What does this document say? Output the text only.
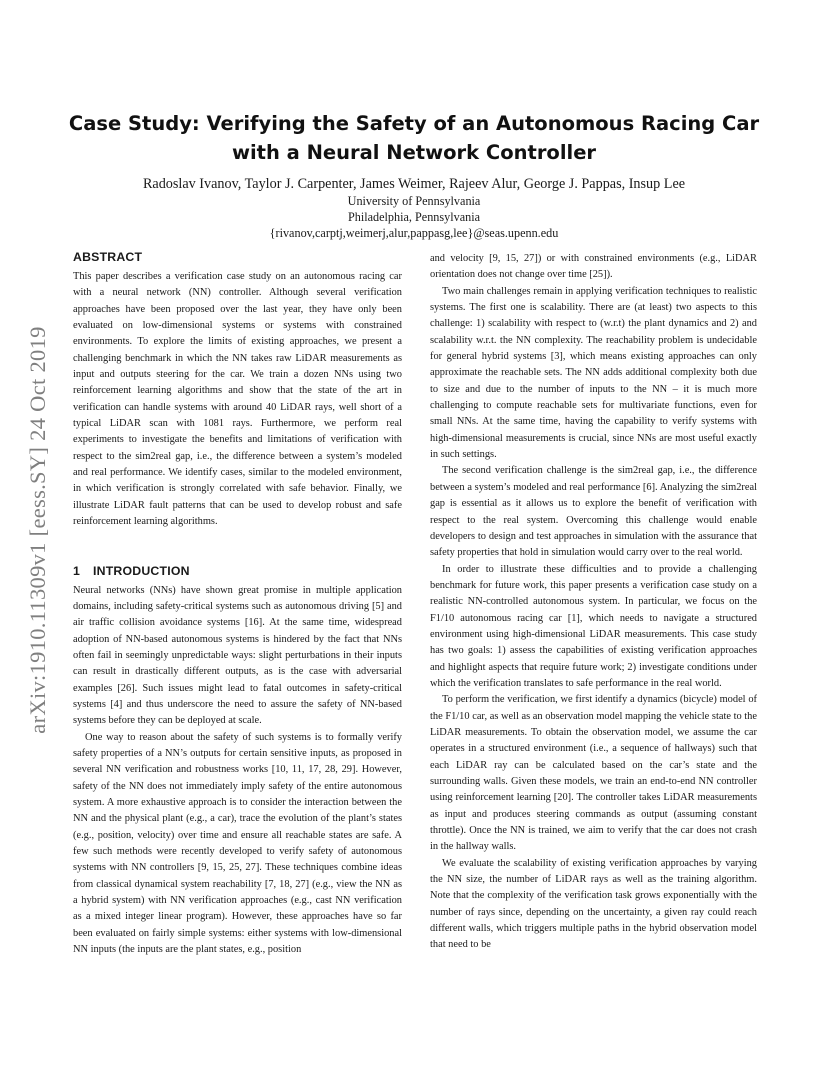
arXiv:1910.11309v1 [eess.SY] 24 Oct 2019
Case Study: Verifying the Safety of an Autonomous Racing Car
with a Neural Network Controller
Radoslav Ivanov, Taylor J. Carpenter, James Weimer, Rajeev Alur, George J. Pappas, Insup Lee
University of Pennsylvania
Philadelphia, Pennsylvania
{rivanov,carptj,weimerj,alur,pappasg,lee}@seas.upenn.edu
ABSTRACT

This paper describes a verification case study on an autonomous racing car with a neural network (NN) controller. Although several verification approaches have been proposed over the last year, they have only been evaluated on low-dimensional systems or systems with constrained environments. To explore the limits of existing approaches, we present a challenging benchmark in which the NN takes raw LiDAR measurements as input and outputs steering for the car. We train a dozen NNs using two reinforcement learning algorithms and show that the state of the art in verification can handle systems with around 40 LiDAR rays, well short of a typical LiDAR scan with 1081 rays. Furthermore, we perform real experiments to investigate the benefits and limitations of verification with respect to the sim2real gap, i.e., the difference between a system’s modeled and real performance. We identify cases, similar to the modeled environment, in which verification is strongly correlated with safe behavior. Finally, we illustrate LiDAR fault patterns that can be used to develop robust and safe reinforcement learning algorithms.

1 INTRODUCTION

Neural networks (NNs) have shown great promise in multiple application domains, including safety-critical systems such as autonomous driving [5] and air traffic collision avoidance systems [16]. At the same time, widespread adoption of NN-based autonomous systems is hindered by the fact that NNs often fail in seemingly unpredictable ways: slight perturbations in their inputs can result in drastically different outputs, as is the case with adversarial examples [26]. Such issues might lead to fatal outcomes in safety-critical systems [4] and thus underscore the need to assure the safety of NN-based systems before they can be deployed at scale.

One way to reason about the safety of such systems is to formally verify safety properties of a NN’s outputs for certain sensitive inputs, as proposed in several NN verification and robustness works [10, 11, 17, 28, 29]. However, safety of the NN does not immediately imply safety of the entire autonomous system. A more exhaustive approach is to consider the interaction between the NN and the physical plant (e.g., a car), trace the evolution of the plant’s states (e.g., position, velocity) over time and ensure all reachable states are safe. A few such methods were recently developed to verify safety of autonomous systems with NN controllers [9, 15, 25, 27]. These techniques combine ideas from classical dynamical system reachability [7, 18, 27] (e.g., view the NN as a hybrid system) with NN verification approaches (e.g., cast NN verification as a mixed integer linear program). However, these approaches have so far been evaluated on fairly simple systems: either systems with low-dimensional NN inputs (the inputs are the plant states, e.g., position

and velocity [9, 15, 27]) or with constrained environments (e.g., LiDAR orientation does not change over time [25]).

Two main challenges remain in applying verification techniques to realistic systems. The first one is scalability. There are (at least) two aspects to this challenge: 1) scalability with respect to (w.r.t) the plant dynamics and 2) and scalability w.r.t. the NN complexity. The reachability problem is undecidable for general hybrid systems [3], which means existing approaches can only approximate the reachable sets. The NN adds additional complexity both due to size and due to the number of inputs to the NN – it is much more challenging to compute reachable sets for multivariate functions, even for small NNs. At the same time, having the capability to verify systems with high-dimensional measurements is crucial, since NNs are most useful exactly in such settings.

The second verification challenge is the sim2real gap, i.e., the difference between a system’s modeled and real performance [6]. Analyzing the sim2real gap is essential as it allows us to explore the benefit of verification with respect to the real system. Overcoming this challenge would enable developers to design and test approaches in simulation with the assurance that safety properties that hold in simulation would carry over to the real world.

In order to illustrate these difficulties and to provide a challenging benchmark for future work, this paper presents a verification case study on a realistic NN-controlled autonomous system. In particular, we focus on the F1/10 autonomous racing car [1], which needs to navigate a structured environment using high-dimensional LiDAR measurements. This case study has two goals: 1) assess the capabilities of existing verification approaches and highlight aspects that require future work; 2) investigate conditions under which the verification translates to safe performance in the real world.

To perform the verification, we first identify a dynamics (bicycle) model of the F1/10 car, as well as an observation model mapping the vehicle state to the LiDAR measurements. To obtain the observation model, we assume the car operates in a structured environment (i.e., a sequence of hallways) such that each LiDAR ray can be calculated based on the car’s state and the surrounding walls. Given these models, we train an end-to-end NN controller using reinforcement learning [20]. The controller takes LiDAR measurements as input and produces steering commands as output (assuming constant throttle). Once the NN is trained, we aim to verify that the car does not crash in the hallway walls.

We evaluate the scalability of existing verification approaches by varying the NN size, the number of LiDAR rays as well as the training algorithm. Note that the complexity of the verification task grows exponentially with the number of rays since, depending on the uncertainty, a given ray could reach different walls, which triggers multiple paths in the hybrid observation model that need to be
